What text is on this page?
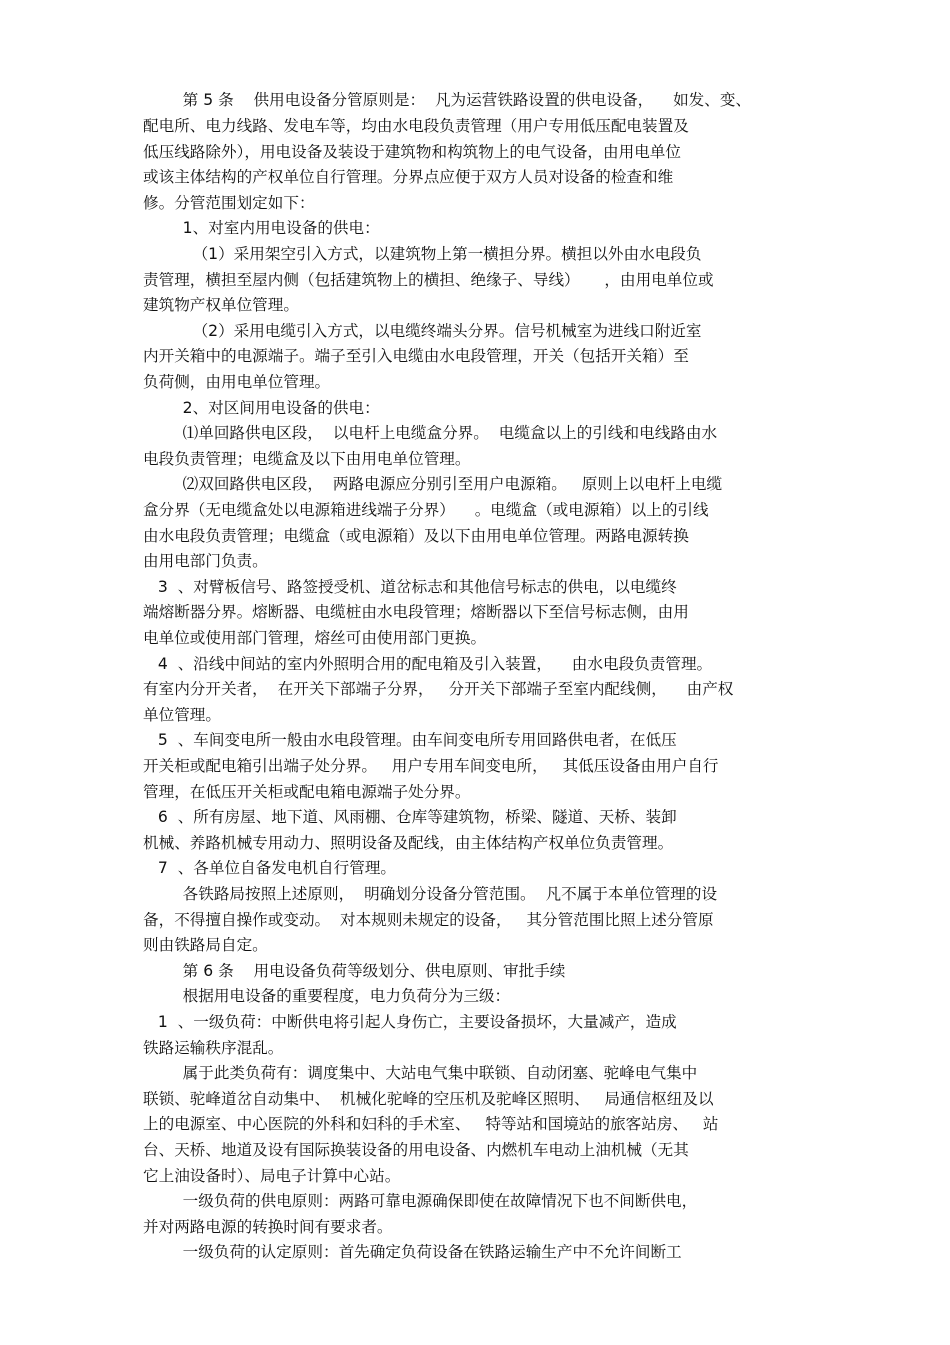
第 5 条    供用电设备分管原则是：  凡为运营铁路设置的供电设备，    如发、变、
配电所、电力线路、发电车等，均由水电段负责管理（用户专用低压配电装置及
低压线路除外），用电设备及装设于建筑物和构筑物上的电气设备，由用电单位
或该主体结构的产权单位自行管理。分界点应便于双方人员对设备的检查和维
修。分管范围划定如下：
1、对室内用电设备的供电：
（1）采用架空引入方式，以建筑物上第一横担分界。横担以外由水电段负
责管理，横担至屋内侧（包括建筑物上的横担、绝缘子、导线）     ，由用电单位或
建筑物产权单位管理。
（2）采用电缆引入方式，以电缆终端头分界。信号机械室为进线口附近室
内开关箱中的电源端子。端子至引入电缆由水电段管理，开关（包括开关箱）至
负荷侧，由用电单位管理。
2、对区间用电设备的供电：
⑴单回路供电区段，  以电杆上电缆盒分界。  电缆盒以上的引线和电线路由水
电段负责管理；电缆盒及以下由用电单位管理。
⑵双回路供电区段，  两路电源应分别引至用户电源箱。   原则上以电杆上电缆
盒分界（无电缆盒处以电源箱进线端子分界）    。电缆盒（或电源箱）以上的引线
由水电段负责管理；电缆盒（或电源箱）及以下由用电单位管理。两路电源转换
由用电部门负责。
3  、对臂板信号、路签授受机、道岔标志和其他信号标志的供电，以电缆终
端熔断器分界。熔断器、电缆桩由水电段管理；熔断器以下至信号标志侧，由用
电单位或使用部门管理，熔丝可由使用部门更换。
4  、沿线中间站的室内外照明合用的配电箱及引入装置，    由水电段负责管理。
有室内分开关者，  在开关下部端子分界，   分开关下部端子至室内配线侧，    由产权
单位管理。
5  、车间变电所一般由水电段管理。由车间变电所专用回路供电者，在低压
开关柜或配电箱引出端子处分界。   用户专用车间变电所，   其低压设备由用户自行
管理，在低压开关柜或配电箱电源端子处分界。
6  、所有房屋、地下道、风雨棚、仓库等建筑物，桥梁、隧道、天桥、装卸
机械、养路机械专用动力、照明设备及配线，由主体结构产权单位负责管理。
7  、各单位自备发电机自行管理。
各铁路局按照上述原则，  明确划分设备分管范围。  凡不属于本单位管理的设
备，不得擅自操作或变动。  对本规则未规定的设备，   其分管范围比照上述分管原
则由铁路局自定。
第 6 条    用电设备负荷等级划分、供电原则、审批手续
根据用电设备的重要程度，电力负荷分为三级：
1  、一级负荷：中断供电将引起人身伤亡，主要设备损坏，大量减产，造成
铁路运输秩序混乱。
属于此类负荷有：调度集中、大站电气集中联锁、自动闭塞、驼峰电气集中
联锁、驼峰道岔自动集中、  机械化驼峰的空压机及驼峰区照明、   局通信枢纽及以
上的电源室、中心医院的外科和妇科的手术室、   特等站和国境站的旅客站房、   站
台、天桥、地道及设有国际换装设备的用电设备、内燃机车电动上油机械（无其
它上油设备时）、局电子计算中心站。
一级负荷的供电原则：两路可靠电源确保即使在故障情况下也不间断供电，
并对两路电源的转换时间有要求者。
一级负荷的认定原则：首先确定负荷设备在铁路运输生产中不允许间断工
